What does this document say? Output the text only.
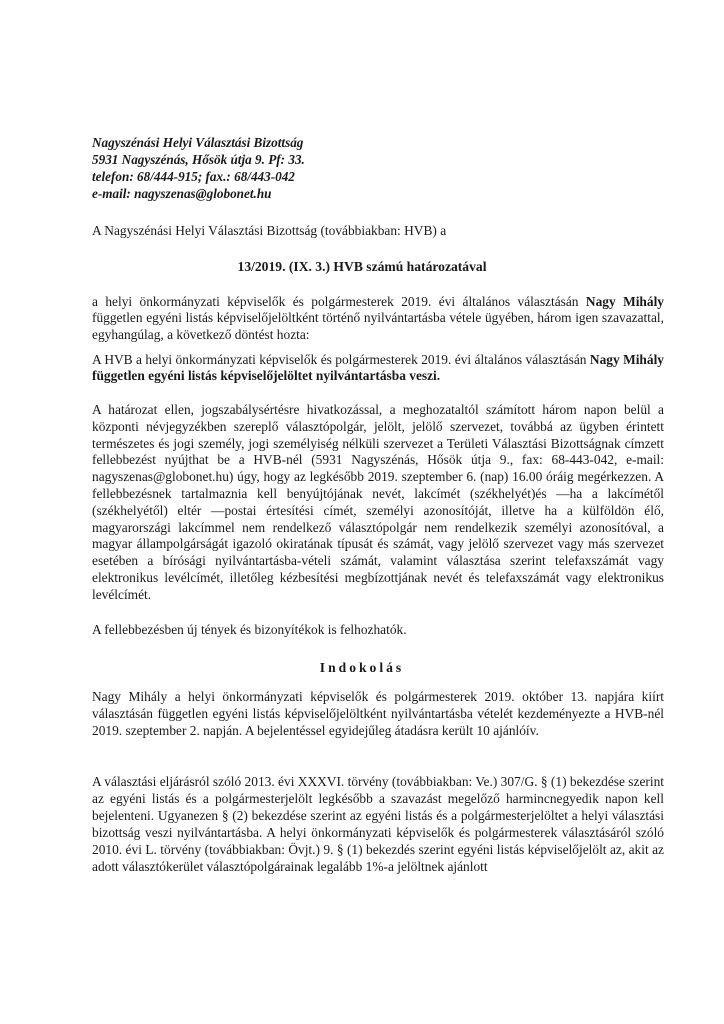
Nagyszénási Helyi Választási Bizottság
5931 Nagyszénás, Hősök útja 9. Pf: 33.
telefon: 68/444-915; fax.: 68/443-042
e-mail: nagyszenas@globonet.hu
A Nagyszénási Helyi Választási Bizottság (továbbiakban: HVB) a
13/2019. (IX. 3.) HVB számú határozatával
a helyi önkormányzati képviselők és polgármesterek 2019. évi általános választásán Nagy Mihály független egyéni listás képviselőjelöltként történő nyilvántartásba vétele ügyében, három igen szavazattal, egyhangúlag, a következő döntést hozta:
A HVB a helyi önkormányzati képviselők és polgármesterek 2019. évi általános választásán Nagy Mihály független egyéni listás képviselőjelöltet nyilvántartásba veszi.
A határozat ellen, jogszabálysértésre hivatkozással, a meghozataltól számított három napon belül a központi névjegyzékben szereplő választópolgár, jelölt, jelölő szervezet, továbbá az ügyben érintett természetes és jogi személy, jogi személyiség nélküli szervezet a Területi Választási Bizottságnak címzett fellebbezést nyújthat be a HVB-nél (5931 Nagyszénás, Hősök útja 9., fax: 68-443-042, e-mail: nagyszenas@globonet.hu) úgy, hogy az legkésőbb 2019. szeptember 6. (nap) 16.00 óráig megérkezzen. A fellebbezésnek tartalmaznia kell benyújtójának nevét, lakcímét (székhelyét)és —ha a lakcímétől (székhelyétől) eltér —postai értesítési címét, személyi azonosítóját, illetve ha a külföldön élő, magyarországi lakcímmel nem rendelkező választópolgár nem rendelkezik személyi azonosítóval, a magyar állampolgárságát igazoló okiratának típusát és számát, vagy jelölő szervezet vagy más szervezet esetében a bírósági nyilvántartásba-vételi számát, valamint választása szerint telefaxszámát vagy elektronikus levélcímét, illetőleg kézbesítési megbízottjának nevét és telefaxszámát vagy elektronikus levélcímét.
A fellebbezésben új tények és bizonyítékok is felhozhatók.
Indokolás
Nagy Mihály a helyi önkormányzati képviselők és polgármesterek 2019. október 13. napjára kiírt választásán független egyéni listás képviselőjelöltként nyilvántartásba vételét kezdeményezte a HVB-nél 2019. szeptember 2. napján. A bejelentéssel egyidejűleg átadásra került 10 ajánlóív.
A választási eljárásról szóló 2013. évi XXXVI. törvény (továbbiakban: Ve.) 307/G. § (1) bekezdése szerint az egyéni listás és a polgármesterjelölt legkésőbb a szavazást megelőző harmincnegyedik napon kell bejelenteni. Ugyanezen § (2) bekezdése szerint az egyéni listás és a polgármesterjelöltet a helyi választási bizottság veszi nyilvántartásba. A helyi önkormányzati képviselők és polgármesterek választásáról szóló 2010. évi L. törvény (továbbiakban: Övjt.) 9. § (1) bekezdés szerint egyéni listás képviselőjelölt az, akit az adott választókerület választópolgárainak legalább 1%-a jelöltnek ajánlott
